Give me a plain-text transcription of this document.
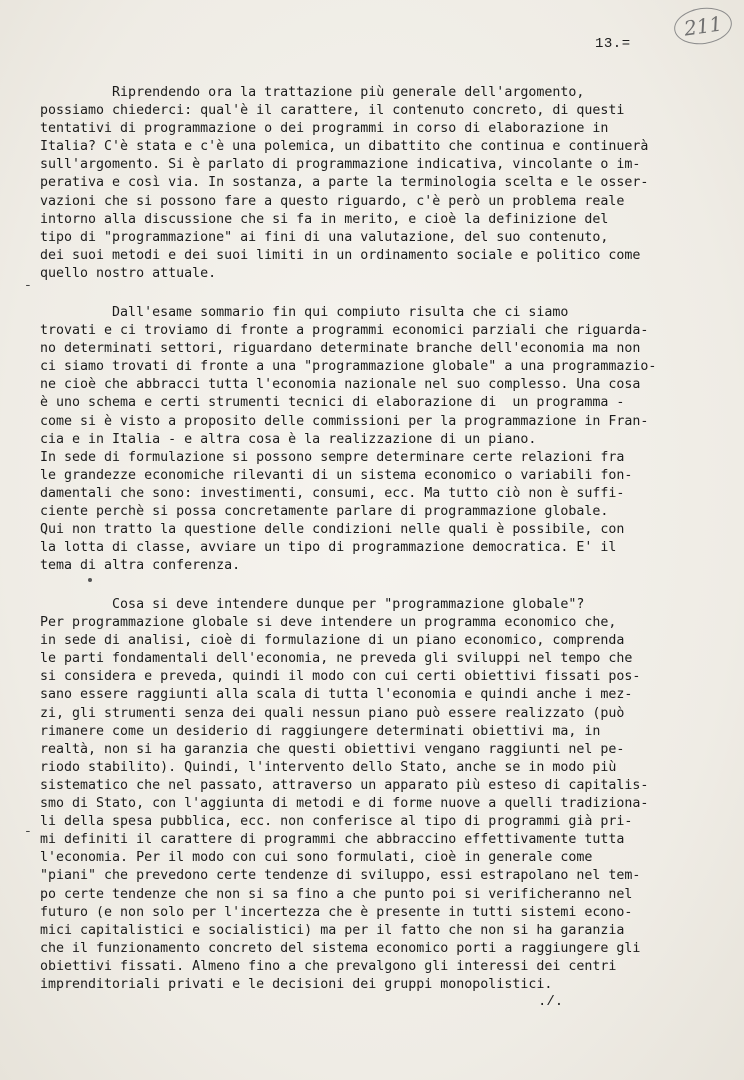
211
13.=
Riprendendo ora la trattazione più generale dell'argomento,
possiamo chiederci: qual'è il carattere, il contenuto concreto, di questi
tentativi di programmazione o dei programmi in corso di elaborazione in
Italia? C'è stata e c'è una polemica, un dibattito che continua e continuerà
sull'argomento. Si è parlato di programmazione indicativa, vincolante o im-
perativa e così via. In sostanza, a parte la terminologia scelta e le osser-
vazioni che si possono fare a questo riguardo, c'è però un problema reale
intorno alla discussione che si fa in merito, e cioè la definizione del
tipo di "programmazione" ai fini di una valutazione, del suo contenuto,
dei suoi metodi e dei suoi limiti in un ordinamento sociale e politico come
quello nostro attuale.
Dall'esame sommario fin qui compiuto risulta che ci siamo
trovati e ci troviamo di fronte a programmi economici parziali che riguarda-
no determinati settori, riguardano determinate branche dell'economia ma non
ci siamo trovati di fronte a una "programmazione globale" a una programmazio-
ne cioè che abbracci tutta l'economia nazionale nel suo complesso. Una cosa
è uno schema e certi strumenti tecnici di elaborazione di  un programma -
come si è visto a proposito delle commissioni per la programmazione in Fran-
cia e in Italia - e altra cosa è la realizzazione di un piano.
In sede di formulazione si possono sempre determinare certe relazioni fra
le grandezze economiche rilevanti di un sistema economico o variabili fon-
damentali che sono: investimenti, consumi, ecc. Ma tutto ciò non è suffi-
ciente perchè si possa concretamente parlare di programmazione globale.
Qui non tratto la questione delle condizioni nelle quali è possibile, con
la lotta di classe, avviare un tipo di programmazione democratica. E' il
tema di altra conferenza.
Cosa si deve intendere dunque per "programmazione globale"?
Per programmazione globale si deve intendere un programma economico che,
in sede di analisi, cioè di formulazione di un piano economico, comprenda
le parti fondamentali dell'economia, ne preveda gli sviluppi nel tempo che
si considera e preveda, quindi il modo con cui certi obiettivi fissati pos-
sano essere raggiunti alla scala di tutta l'economia e quindi anche i mez-
zi, gli strumenti senza dei quali nessun piano può essere realizzato (può
rimanere come un desiderio di raggiungere determinati obiettivi ma, in
realtà, non si ha garanzia che questi obiettivi vengano raggiunti nel pe-
riodo stabilito). Quindi, l'intervento dello Stato, anche se in modo più
sistematico che nel passato, attraverso un apparato più esteso di capitalis-
smo di Stato, con l'aggiunta di metodi e di forme nuove a quelli tradiziona-
li della spesa pubblica, ecc. non conferisce al tipo di programmi già pri-
mi definiti il carattere di programmi che abbraccino effettivamente tutta
l'economia. Per il modo con cui sono formulati, cioè in generale come
"piani" che prevedono certe tendenze di sviluppo, essi estrapolano nel tem-
po certe tendenze che non si sa fino a che punto poi si verificheranno nel
futuro (e non solo per l'incertezza che è presente in tutti sistemi econo-
mici capitalistici e socialistici) ma per il fatto che non si ha garanzia
che il funzionamento concreto del sistema economico porti a raggiungere gli
obiettivi fissati. Almeno fino a che prevalgono gli interessi dei centri
imprenditoriali privati e le decisioni dei gruppi monopolistici.
-
-
./.
